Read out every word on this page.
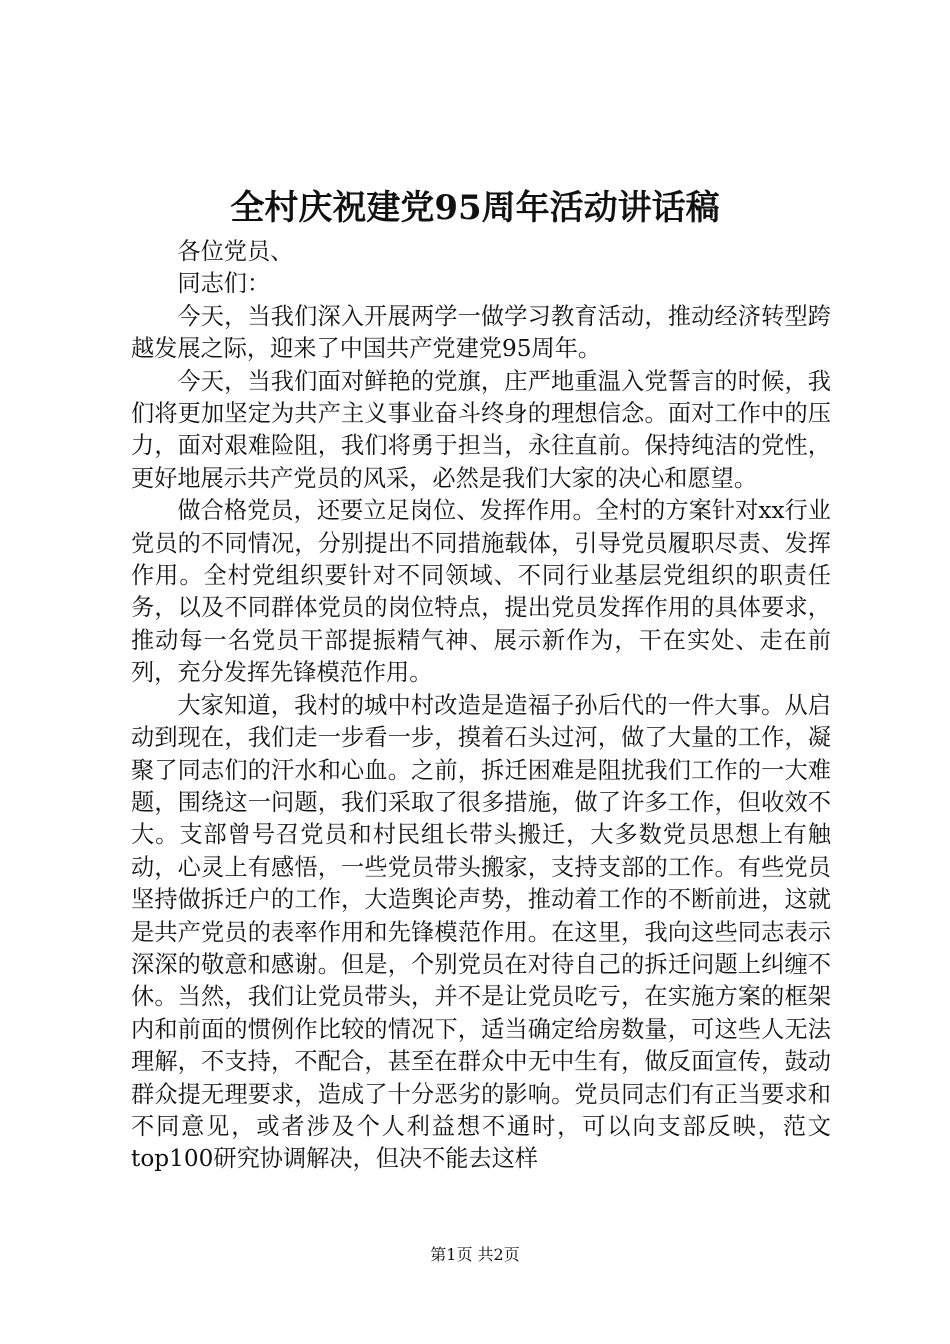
全村庆祝建党95周年活动讲话稿

各位党员、

同志们：

今天，当我们深入开展两学一做学习教育活动，推动经济转型跨越发展之际，迎来了中国共产党建党95周年。

今天，当我们面对鲜艳的党旗，庄严地重温入党誓言的时候，我们将更加坚定为共产主义事业奋斗终身的理想信念。面对工作中的压力，面对艰难险阻，我们将勇于担当，永往直前。保持纯洁的党性，更好地展示共产党员的风采，必然是我们大家的决心和愿望。

做合格党员，还要立足岗位、发挥作用。全村的方案针对xx行业党员的不同情况，分别提出不同措施载体，引导党员履职尽责、发挥作用。全村党组织要针对不同领域、不同行业基层党组织的职责任务，以及不同群体党员的岗位特点，提出党员发挥作用的具体要求，推动每一名党员干部提振精气神、展示新作为，干在实处、走在前列，充分发挥先锋模范作用。

大家知道，我村的城中村改造是造福子孙后代的一件大事。从启动到现在，我们走一步看一步，摸着石头过河，做了大量的工作，凝聚了同志们的汗水和心血。之前，拆迁困难是阻扰我们工作的一大难题，围绕这一问题，我们采取了很多措施，做了许多工作，但收效不大。支部曾号召党员和村民组长带头搬迁，大多数党员思想上有触动，心灵上有感悟，一些党员带头搬家，支持支部的工作。有些党员坚持做拆迁户的工作，大造舆论声势，推动着工作的不断前进，这就是共产党员的表率作用和先锋模范作用。在这里，我向这些同志表示深深的敬意和感谢。但是，个别党员在对待自己的拆迁问题上纠缠不休。当然，我们让党员带头，并不是让党员吃亏，在实施方案的框架内和前面的惯例作比较的情况下，适当确定给房数量，可这些人无法理解，不支持，不配合，甚至在群众中无中生有，做反面宣传，鼓动群众提无理要求，造成了十分恶劣的影响。党员同志们有正当要求和不同意见，或者涉及个人利益想不通时，可以向支部反映，范文top100研究协调解决，但决不能去这样

第1页 共2页
